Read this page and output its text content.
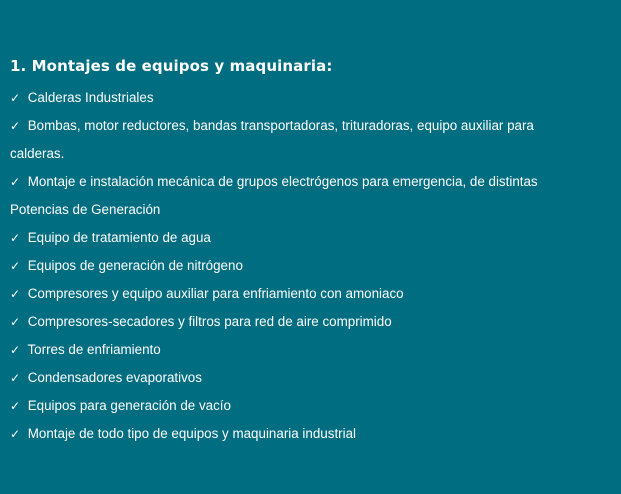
1. Montajes de equipos y maquinaria:
✓ Calderas Industriales
✓ Bombas, motor reductores, bandas transportadoras, trituradoras, equipo auxiliar para
calderas.
✓ Montaje e instalación mecánica de grupos electrógenos para emergencia, de distintas
Potencias de Generación
✓ Equipo de tratamiento de agua
✓ Equipos de generación de nitrógeno
✓ Compresores y equipo auxiliar para enfriamiento con amoniaco
✓ Compresores-secadores y filtros para red de aire comprimido
✓ Torres de enfriamiento
✓ Condensadores evaporativos
✓ Equipos para generación de vacío
✓ Montaje de todo tipo de equipos y maquinaria industrial
